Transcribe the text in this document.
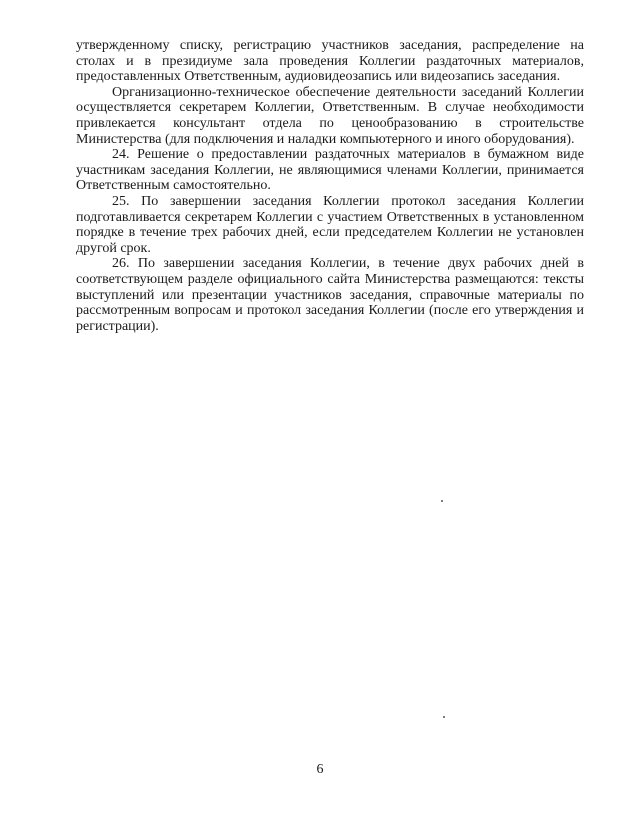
утвержденному списку, регистрацию участников заседания, распределение на столах и в президиуме зала проведения Коллегии раздаточных материалов, предоставленных Ответственным, аудиовидеозапись или видеозапись заседания.

Организационно-техническое обеспечение деятельности заседаний Коллегии осуществляется секретарем Коллегии, Ответственным. В случае необходимости привлекается консультант отдела по ценообразованию в строительстве Министерства (для подключения и наладки компьютерного и иного оборудования).

24. Решение о предоставлении раздаточных материалов в бумажном виде участникам заседания Коллегии, не являющимися членами Коллегии, принимается Ответственным самостоятельно.

25. По завершении заседания Коллегии протокол заседания Коллегии подготавливается секретарем Коллегии с участием Ответственных в установленном порядке в течение трех рабочих дней, если председателем Коллегии не установлен другой срок.

26. По завершении заседания Коллегии, в течение двух рабочих дней в соответствующем разделе официального сайта Министерства размещаются: тексты выступлений или презентации участников заседания, справочные материалы по рассмотренным вопросам и протокол заседания Коллегии (после его утверждения и регистрации).

6
